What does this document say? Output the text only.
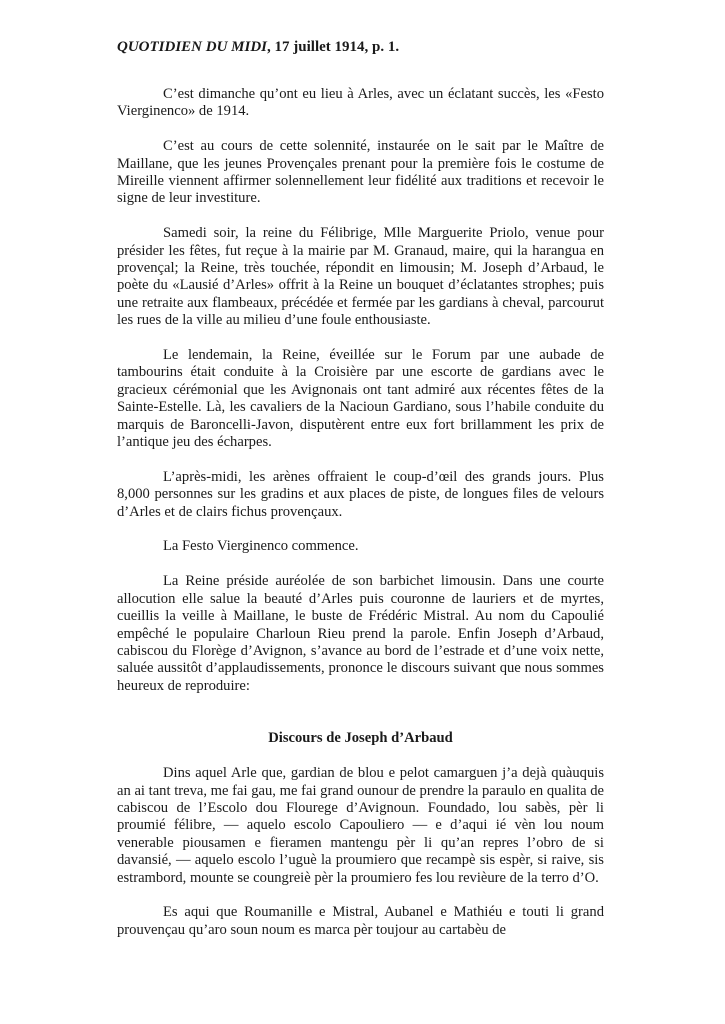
QUOTIDIEN DU MIDI, 17 juillet 1914, p. 1.

C’est dimanche qu’ont eu lieu à Arles, avec un éclatant succès, les «Festo Vierginenco» de 1914.

C’est au cours de cette solennité, instaurée on le sait par le Maître de Maillane, que les jeunes Provençales prenant pour la première fois le costume de Mireille viennent affirmer solennellement leur fidélité aux traditions et recevoir le signe de leur investiture.

Samedi soir, la reine du Félibrige, Mlle Marguerite Priolo, venue pour présider les fêtes, fut reçue à la mairie par M. Granaud, maire, qui la harangua en provençal; la Reine, très touchée, répondit en limousin; M. Joseph d’Arbaud, le poète du «Lausié d’Arles» offrit à la Reine un bouquet d’éclatantes strophes; puis une retraite aux flambeaux, précédée et fermée par les gardians à cheval, parcourut les rues de la ville au milieu d’une foule enthousiaste.

Le lendemain, la Reine, éveillée sur le Forum par une aubade de tambourins était conduite à la Croisière par une escorte de gardians avec le gracieux cérémonial que les Avignonais ont tant admiré aux récentes fêtes de la Sainte-Estelle. Là, les cavaliers de la Nacioun Gardiano, sous l’habile conduite du marquis de Baroncelli-Javon, disputèrent entre eux fort brillamment les prix de l’antique jeu des écharpes.

L’après-midi, les arènes offraient le coup-d’œil des grands jours. Plus 8,000 personnes sur les gradins et aux places de piste, de longues files de velours d’Arles et de clairs fichus provençaux.

La Festo Vierginenco commence.

La Reine préside auréolée de son barbichet limousin. Dans une courte allocution elle salue la beauté d’Arles puis couronne de lauriers et de myrtes, cueillis la veille à Maillane, le buste de Frédéric Mistral. Au nom du Capoulié empêché le populaire Charloun Rieu prend la parole. Enfin Joseph d’Arbaud, cabiscou du Florège d’Avignon, s’avance au bord de l’estrade et d’une voix nette, saluée aussitôt d’applaudissements, prononce le discours suivant que nous sommes heureux de reproduire:

Discours de Joseph d’Arbaud

Dins aquel Arle que, gardian de blou e pelot camarguen j’a dejà quàuquis an ai tant treva, me fai gau, me fai grand ounour de prendre la paraulo en qualita de cabiscou de l’Escolo dou Flourege d’Avignoun. Foundado, lou sabès, pèr li proumié félibre, — aquelo escolo Capouliero — e d’aqui ié vèn lou noum venerable piousamen e fieramen mantengu pèr li qu’an repres l’obro de si davansié, — aquelo escolo l’uguè la proumiero que recampè sis espèr, si raive, sis estrambord, mounte se coungreiè pèr la proumiero fes lou revièure de la terro d’O.

Es aqui que Roumanille e Mistral, Aubanel e Mathiéu e touti li grand prouvençau qu’aro soun noum es marca pèr toujour au cartabèu de
